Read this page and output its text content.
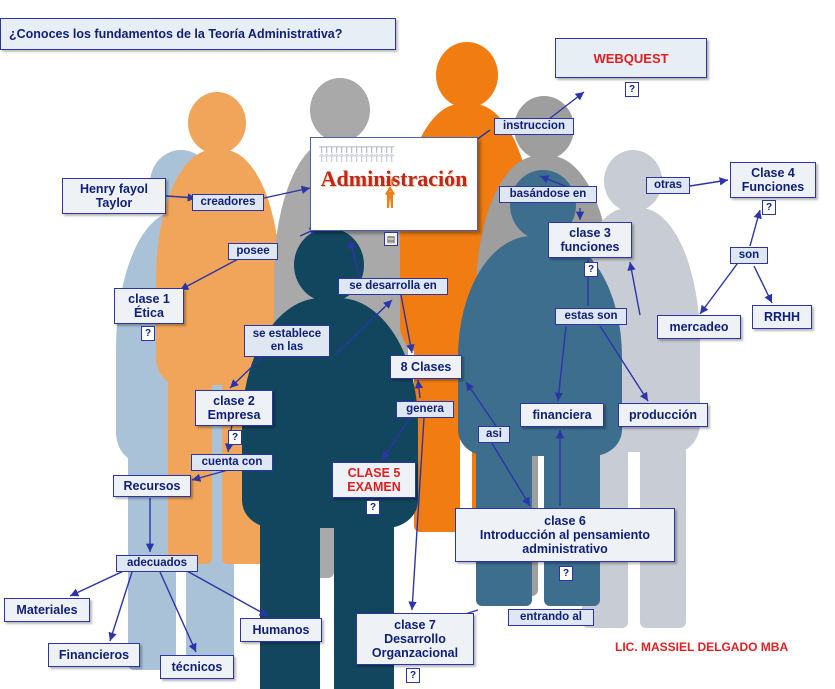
¿Conoces los fundamentos de la Teoría Administrativa?
WEBQUEST
ŤŤŤŤŤŤŤŤŤŤŤŤŤŤŤ
ŤŤŤŤŤŤŤŤŤŤŤŤŤŤŤ
Administración
LIC. MASSIEL DELGADO MBA
Henry fayol
Taylor
clase 1
Ética
clase 2
Empresa
Recursos
Materiales
Financieros
técnicos
Humanos
8 Clases
CLASE 5
EXAMEN
clase 7
Desarrollo
Organzacional
clase 6
Introducción al pensamiento
administrativo
financiera	producción
mercadeo
RRHH
clase 3
funciones
Clase 4
Funciones
creadores
posee
se establece
en las
cuenta con
adecuados
se desarrolla en
genera
asi
entrando al
estas son
basándose en
otras
son
instruccion
?
?
?
?
?
?
?
?
▤
